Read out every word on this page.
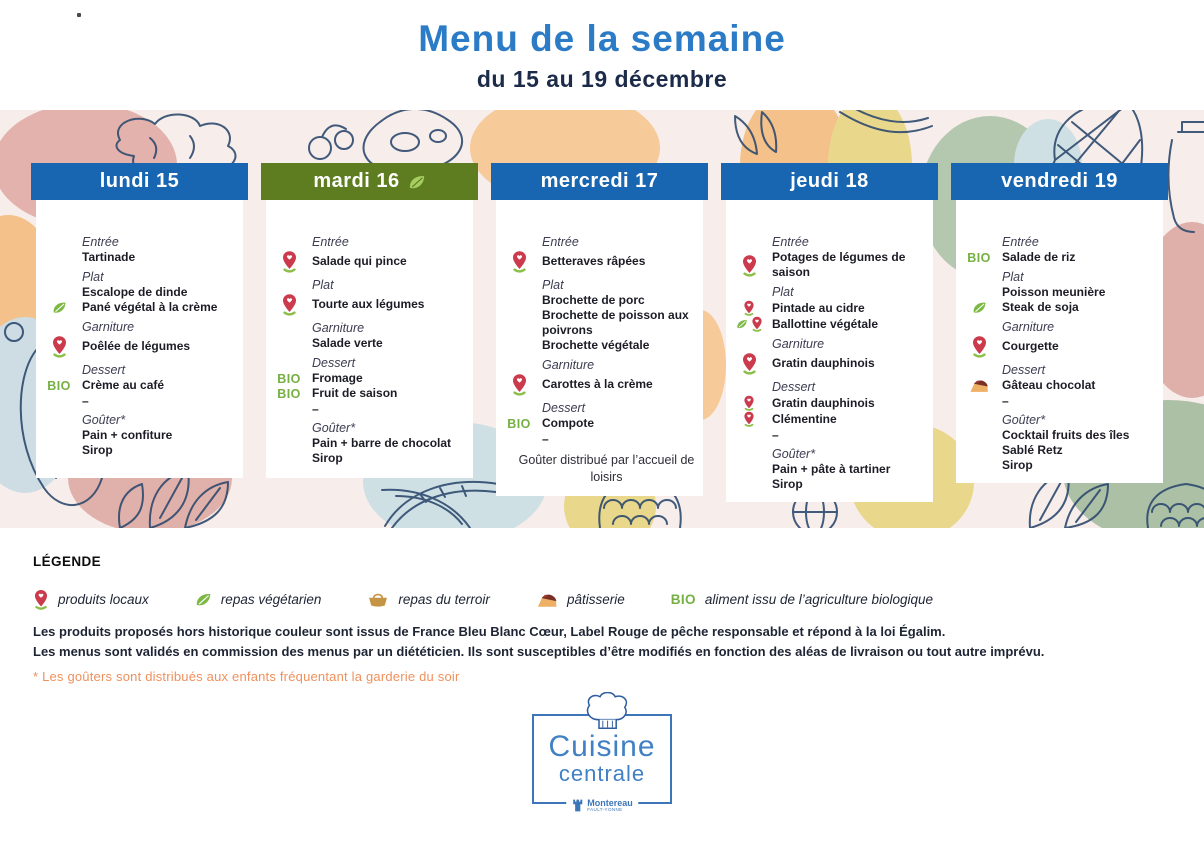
Menu de la semaine
du 15 au 19 décembre
lundi 15
Entrée
Tartinade
Plat
Escalope de dinde
Pané végétal à la crème
Garniture
Poêlée de légumes
Dessert
BIO Crème au café
–
Goûter*
Pain + confiture
Sirop
mardi 16
Entrée
Salade qui pince
Plat
Tourte aux légumes
Garniture
Salade verte
Dessert
BIO Fromage
BIO Fruit de saison
–
Goûter*
Pain + barre de chocolat
Sirop
mercredi 17
Entrée
Betteraves râpées
Plat
Brochette de porc
Brochette de poisson aux poivrons
Brochette végétale
Garniture
Carottes à la crème
Dessert
BIO Compote
–
Goûter distribué par l’accueil de loisirs
jeudi 18
Entrée
Potages de légumes de saison
Plat
Pintade au cidre
Ballottine végétale
Garniture
Gratin dauphinois
Dessert
Gratin dauphinois
Clémentine
–
Goûter*
Pain + pâte à tartiner
Sirop
vendredi 19
Entrée
BIO Salade de riz
Plat
Poisson meunière
Steak de soja
Garniture
Courgette
Dessert
Gâteau chocolat
–
Goûter*
Cocktail fruits des îles
Sablé Retz
Sirop
LÉGENDE
produits locaux	repas végétarien	repas du terroir	pâtisserie	BIO aliment issu de l’agriculture biologique
Les produits proposés hors historique couleur sont issus de France Bleu Blanc Cœur, Label Rouge de pêche responsable et répond à la loi Égalim.
Les menus sont validés en commission des menus par un diététicien. Ils sont susceptibles d’être modifiés en fonction des aléas de livraison ou tout autre imprévu.
* Les goûters sont distribués aux enfants fréquentant la garderie du soir
Cuisine
centrale
Montereau
FAULT-YONNE
